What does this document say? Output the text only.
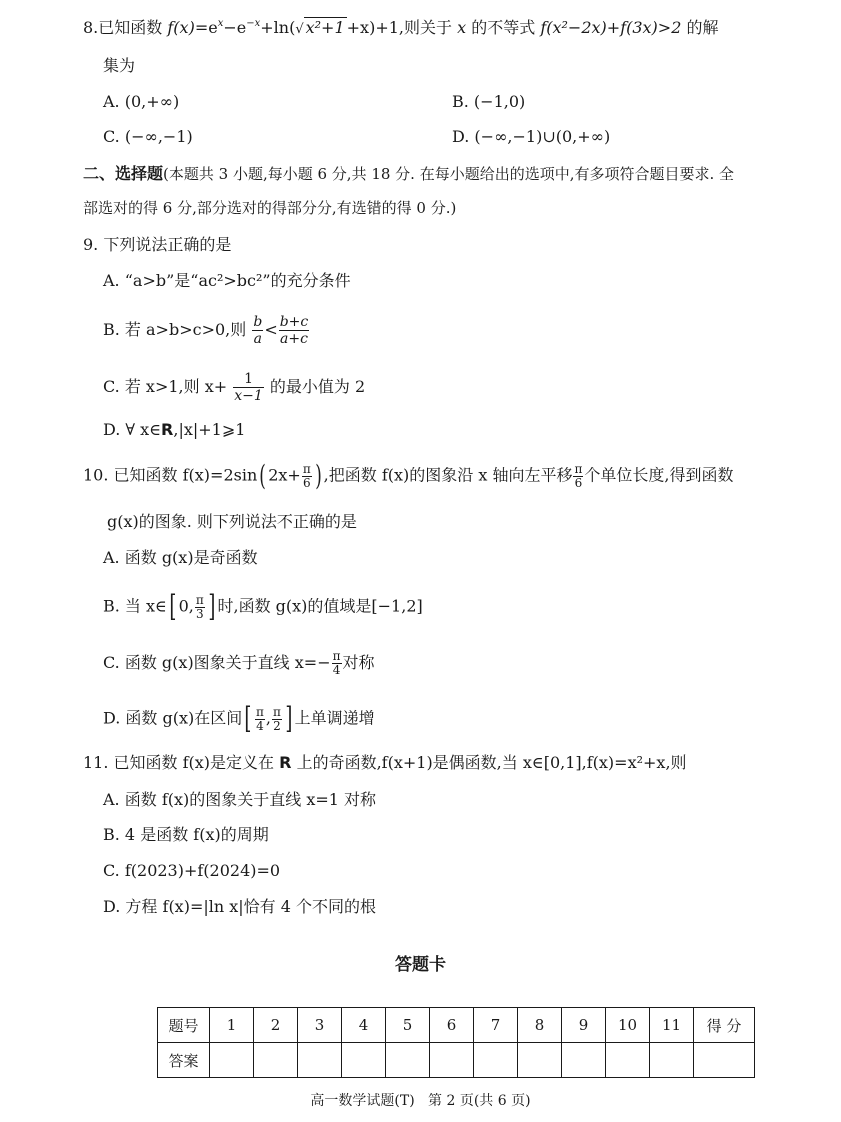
8.已知函数 $f(x)=e^x-e^{-x}+\ln(√$ x²+1 +x)+1,则关于 x 的不等式 f(x²−2x)+f(3x)>2 的解
集为
A. (0,+∞)	B. (−1,0)
C. (−∞,−1)	D. (−∞,−1)∪(0,+∞)
二、选择题(本题共 3 小题,每小题 6 分,共 18 分. 在每小题给出的选项中,有多项符合题目要求. 全
部选对的得 6 分,部分选对的得部分分,有选错的得 0 分.)
9. 下列说法正确的是
A. “a>b”是“ac²>bc²”的充分条件
B. 若 a>b>c>0,则 $\frac{b}{a} < \frac{b+c}{a+c}$
C. 若 x>1,则 $x+ \frac{1}{x-1}$ 的最小值为 2
D. ∀ x∈R,|x|+1⩾1
10. 已知函数 f(x)=2sin( $2x+ \frac{\pi}{6}$ ) ,把函数 f(x)的图象沿 x 轴向左平移 $\frac{\pi}{6}$ 个单位长度,得到函数
g(x)的图象. 则下列说法不正确的是
A. 函数 g(x)是奇函数
B. 当 x∈[ 0, $\frac{\pi}{3}$ ] 时,函数 g(x)的值域是[−1,2]
C. 函数 g(x)图象关于直线 $x=- \frac{\pi}{4}$ 对称
D. 函数 g(x)在区间[ $\frac{\pi}{4}$ , $\frac{\pi}{2}$ ] 上单调递增
11. 已知函数 f(x)是定义在 R 上的奇函数,f(x+1)是偶函数,当 x∈[0,1],f(x)=x²+x,则
A. 函数 f(x)的图象关于直线 x=1 对称
B. 4 是函数 f(x)的周期
C. f(2023)+f(2024)=0
D. 方程 f(x)=|ln x|恰有 4 个不同的根
答题卡
题号	1	2	3	4	5	6	7	8	9	10	11	得 分
答案												
高一数学试题(T)   第 2 页(共 6 页)
